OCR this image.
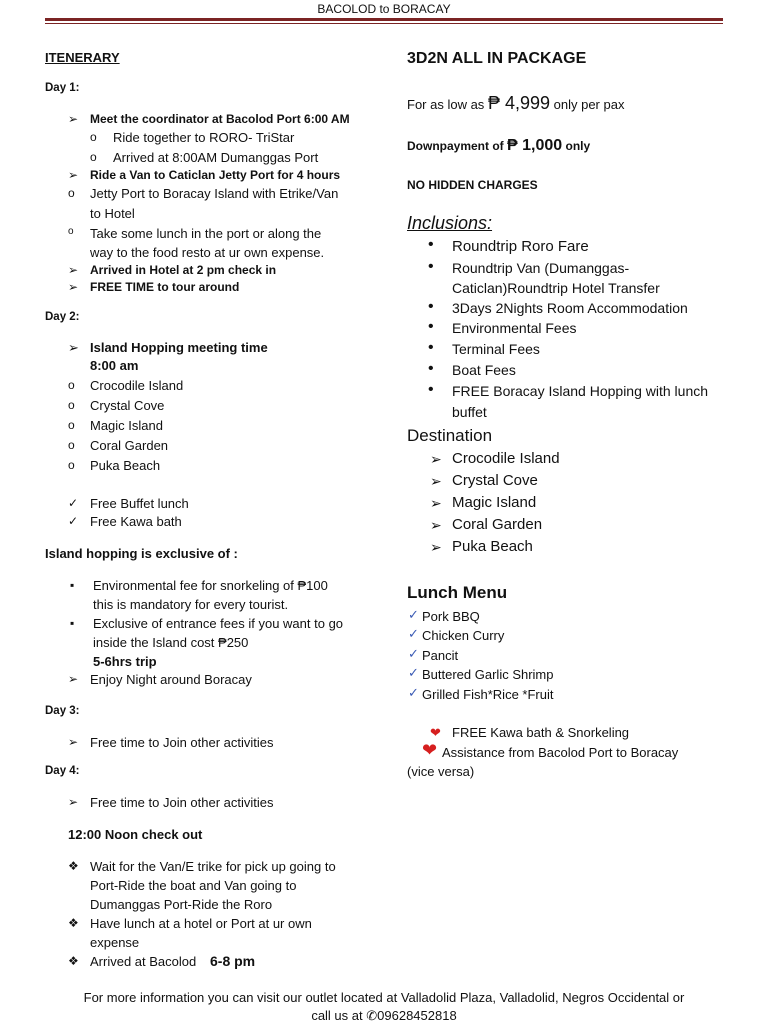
BACOLOD to BORACAY
ITENERARY
Day 1:
➢
Meet the coordinator at Bacolod Port 6:00 AM
o
Ride together to RORO- TriStar
o
Arrived at 8:00AM Dumanggas Port
➢
Ride a Van to Caticlan Jetty Port for 4 hours
o
Jetty Port to Boracay Island with Etrike/Van
to Hotel
o
Take some lunch in the port or along the
way to the food resto at ur own expense.
➢
Arrived in Hotel at 2 pm check in
➢
FREE TIME to tour around
Day 2:
➢
Island Hopping meeting time
8:00 am
o
Crocodile Island
o
Crystal Cove
o
Magic Island
o
Coral Garden
o
Puka Beach
✓
Free Buffet lunch
✓
Free Kawa bath
Island hopping is exclusive of :
▪
Environmental fee for snorkeling of ₱100
this is mandatory for every tourist.
▪
Exclusive of entrance fees if you want to go
inside the Island cost ₱250
5-6hrs trip
➢
Enjoy Night around Boracay
Day 3:
➢
Free time to Join other activities
Day 4:
➢
Free time to Join other activities
12:00 Noon check out
❖
Wait for the Van/E trike for pick up going to
Port-Ride the boat and Van going to
Dumanggas Port-Ride the Roro
❖
Have lunch at a hotel or Port at ur own
expense
❖
Arrived at Bacolod 6-8 pm
3D2N ALL IN PACKAGE
For as low as ₱ 4,999 only per pax
Downpayment of ₱ 1,000 only
NO HIDDEN CHARGES
Inclusions:
•
Roundtrip Roro Fare
•
Roundtrip Van (Dumanggas-
Caticlan)Roundtrip Hotel Transfer
•
3Days 2Nights Room Accommodation
•
Environmental Fees
•
Terminal Fees
•
Boat Fees
•
FREE Boracay Island Hopping with lunch
buffet
Destination
➢
Crocodile Island
➢
Crystal Cove
➢
Magic Island
➢
Coral Garden
➢
Puka Beach
Lunch Menu
✓
Pork BBQ
✓
Chicken Curry
✓
Pancit
✓
Buttered Garlic Shrimp
✓
Grilled Fish*Rice *Fruit
❤ FREE Kawa bath & Snorkeling
❤ Assistance from Bacolod Port to Boracay
(vice versa)
For more information you can visit our outlet located at Valladolid Plaza, Valladolid, Negros Occidental or
call us at ✆09628452818
